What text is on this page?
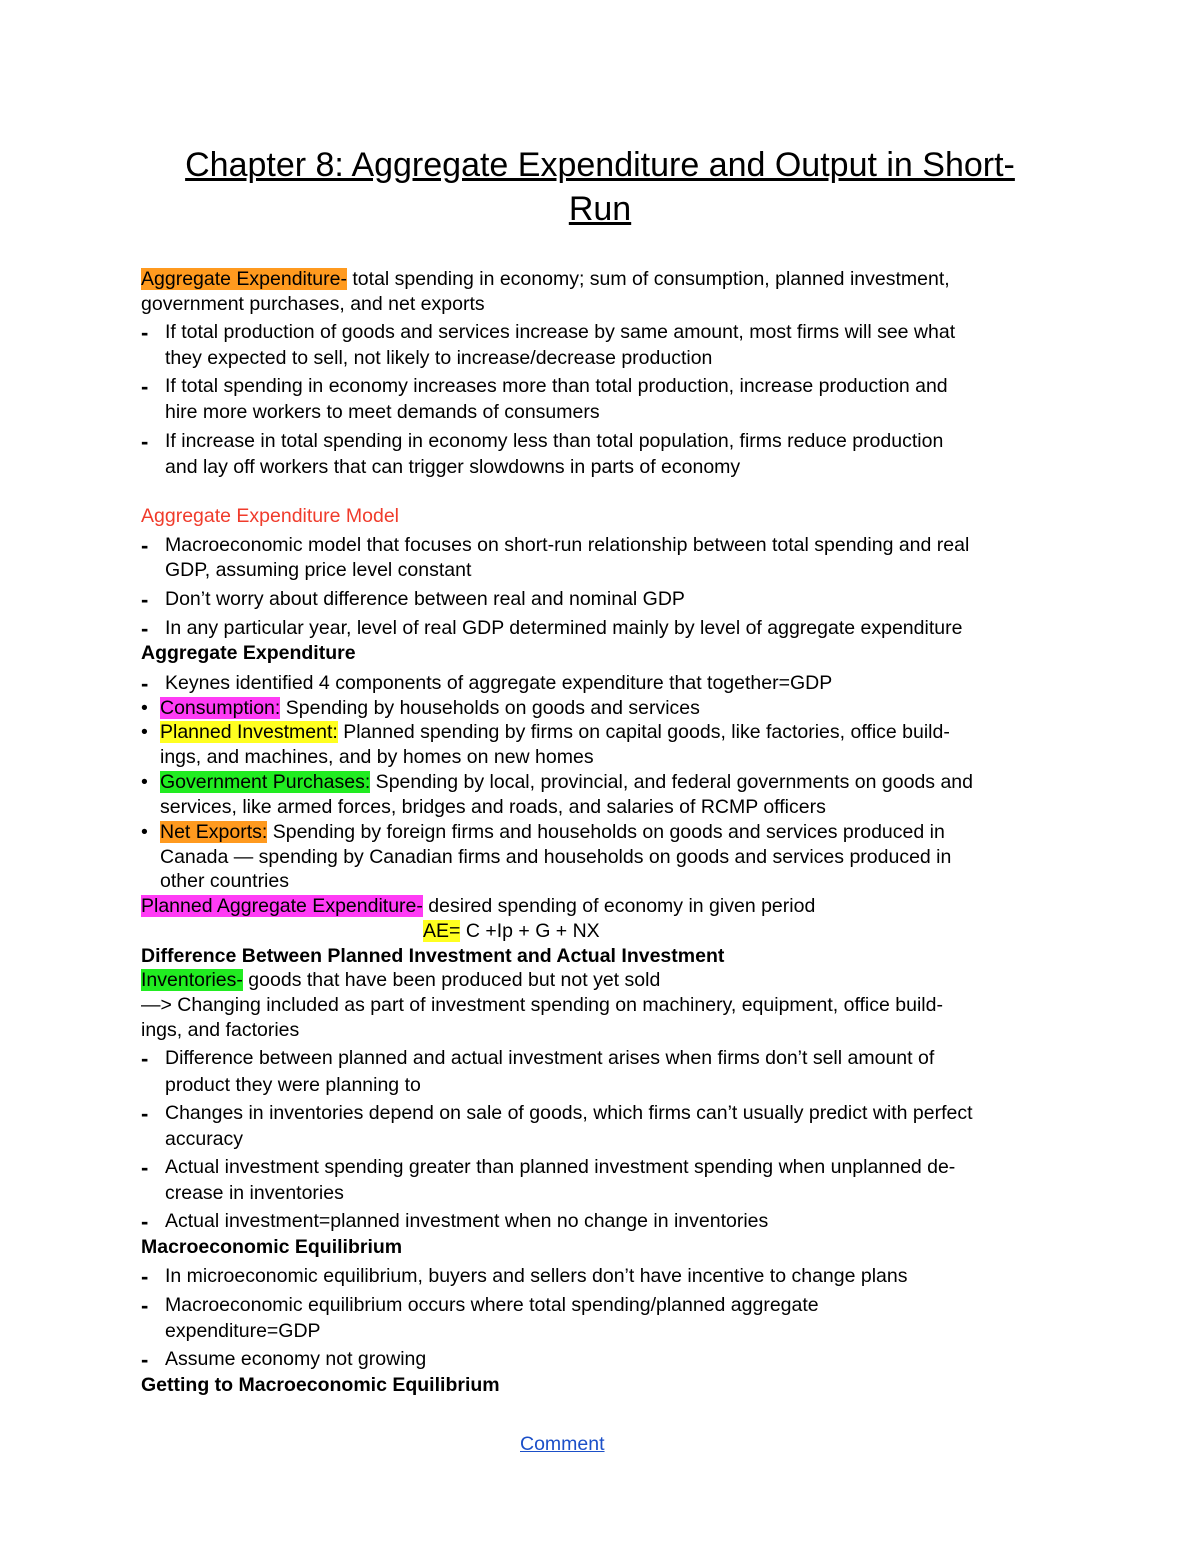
Chapter 8: Aggregate Expenditure and Output in Short-
Run

Aggregate Expenditure- total spending in economy; sum of consumption, planned investment,

government purchases, and net exports

- If total production of goods and services increase by same amount, most firms will see what

they expected to sell, not likely to increase/decrease production

- If total spending in economy increases more than total production, increase production and

hire more workers to meet demands of consumers

- If increase in total spending in economy less than total population, firms reduce production

and lay off workers that can trigger slowdowns in parts of economy

Aggregate Expenditure Model

- Macroeconomic model that focuses on short-run relationship between total spending and real

GDP, assuming price level constant

- Don’t worry about difference between real and nominal GDP

- In any particular year, level of real GDP determined mainly by level of aggregate expenditure

Aggregate Expenditure

- Keynes identified 4 components of aggregate expenditure that together=GDP

• Consumption: Spending by households on goods and services

• Planned Investment: Planned spending by firms on capital goods, like factories, office build-

ings, and machines, and by homes on new homes

• Government Purchases: Spending by local, provincial, and federal governments on goods and

services, like armed forces, bridges and roads, and salaries of RCMP officers

• Net Exports: Spending by foreign firms and households on goods and services produced in

Canada — spending by Canadian firms and households on goods and services produced in

other countries

Planned Aggregate Expenditure- desired spending of economy in given period

AE= C +Ip + G + NX

Difference Between Planned Investment and Actual Investment

Inventories- goods that have been produced but not yet sold

—> Changing included as part of investment spending on machinery, equipment, office build-

ings, and factories

- Difference between planned and actual investment arises when firms don’t sell amount of

product they were planning to

- Changes in inventories depend on sale of goods, which firms can’t usually predict with perfect

accuracy

- Actual investment spending greater than planned investment spending when unplanned de-

crease in inventories

- Actual investment=planned investment when no change in inventories

Macroeconomic Equilibrium

- In microeconomic equilibrium, buyers and sellers don’t have incentive to change plans

- Macroeconomic equilibrium occurs where total spending/planned aggregate

expenditure=GDP

- Assume economy not growing

Getting to Macroeconomic Equilibrium

Comment
